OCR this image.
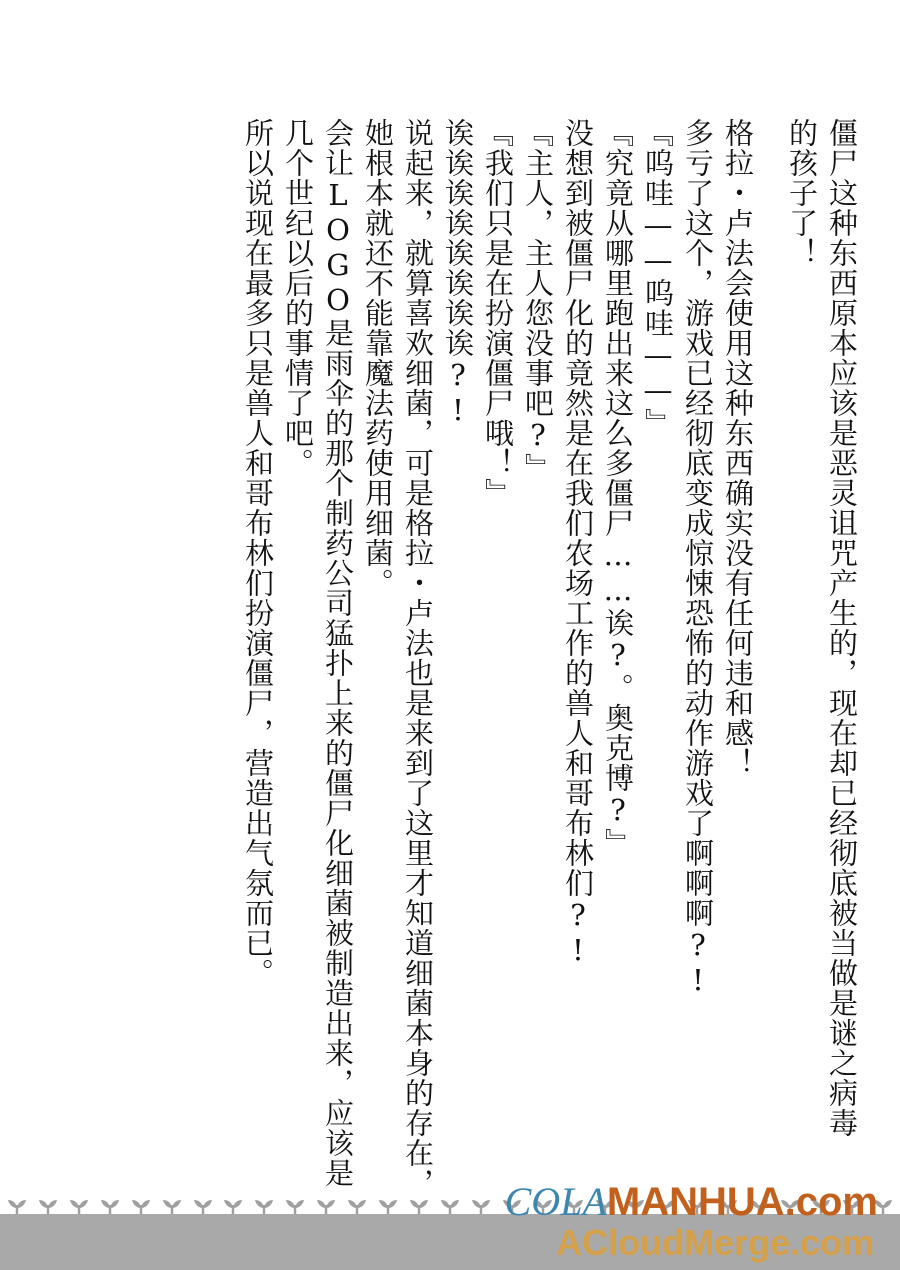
僵尸这种东西原本应该是恶灵诅咒产生的，现在却已经彻底被当做是谜之病毒
的孩子了！
格拉・卢法会使用这种东西确实没有任何违和感！
多亏了这个，游戏已经彻底变成惊悚恐怖的动作游戏了啊啊啊?!
『呜哇——呜哇——』
『究竟从哪里跑出来这么多僵尸……诶?。奥克博?』
没想到被僵尸化的竟然是在我们农场工作的兽人和哥布林们?!
『主人，主人您没事吧?』
『我们只是在扮演僵尸哦！』
诶诶诶诶诶诶诶诶?!
说起来，就算喜欢细菌，可是格拉・卢法也是来到了这里才知道细菌本身的存在，
她根本就还不能靠魔法药使用细菌。
会让LOGO是雨伞的那个制药公司猛扑上来的僵尸化细菌被制造出来，应该是
几个世纪以后的事情了吧。
所以说现在最多只是兽人和哥布林们扮演僵尸，营造出气氛而已。
COLAMANHUA.com
ACloudMerge.com
